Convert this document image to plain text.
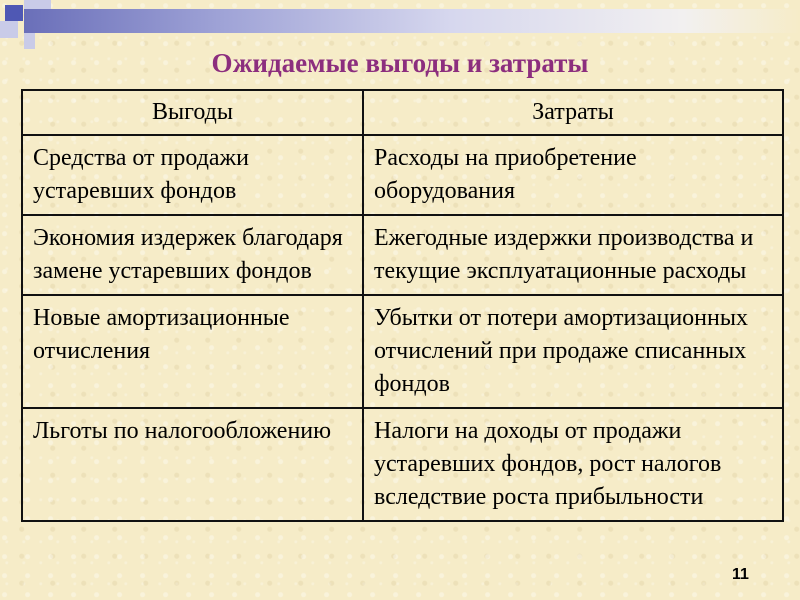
Ожидаемые выгоды и затраты
Выгоды	Затраты
Средства от продажи устаревших фондов	Расходы на приобретение оборудования
Экономия издержек благодаря замене устаревших фондов	Ежегодные издержки производства и текущие эксплуатационные расходы
Новые амортизационные отчисления	Убытки от потери амортизационных отчислений при продаже списанных фондов
Льготы по налогообложению	Налоги на доходы от продажи устаревших фондов, рост налогов вследствие роста прибыльности
11
